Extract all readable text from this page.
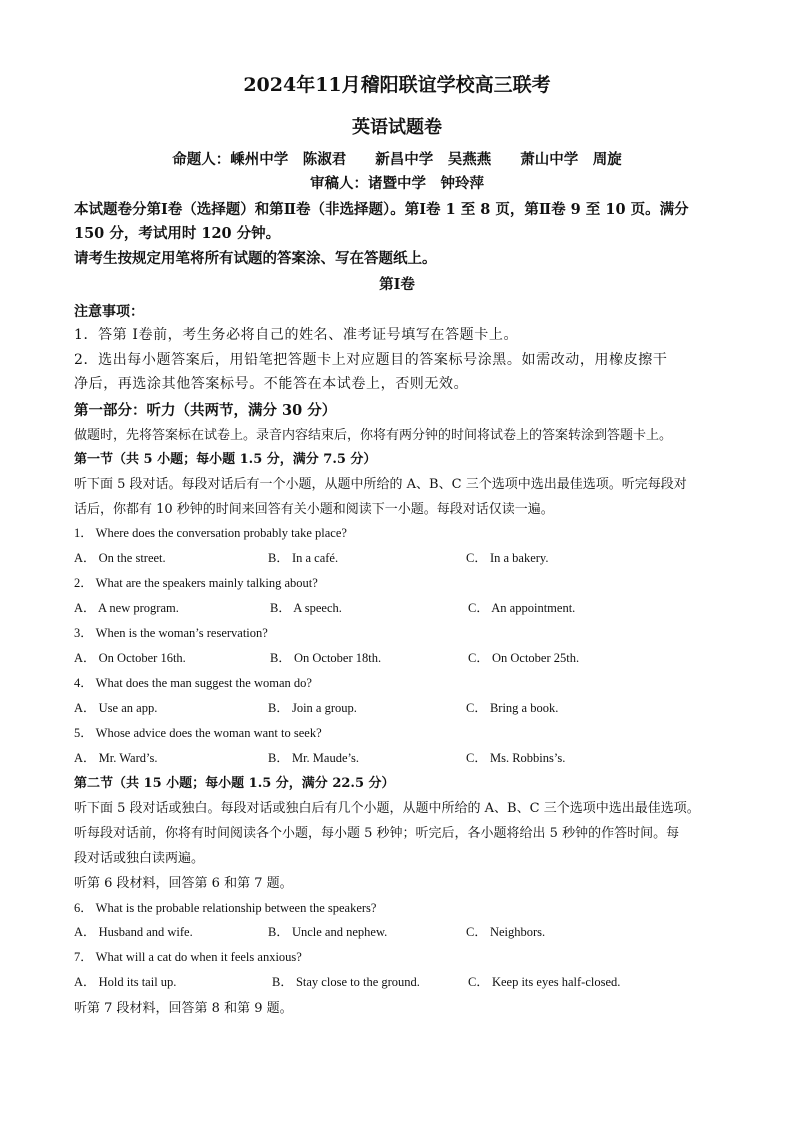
2024年11月稽阳联谊学校高三联考
英语试题卷
命题人：嵊州中学　陈淑君　　新昌中学　吴燕燕　　萧山中学　周旋
审稿人：诸暨中学　钟玲萍
本试题卷分第Ⅰ卷（选择题）和第Ⅱ卷（非选择题）。第Ⅰ卷 1 至 8 页，第Ⅱ卷 9 至 10 页。满分
150 分，考试用时 120 分钟。
请考生按规定用笔将所有试题的答案涂、写在答题纸上。
第Ⅰ卷
注意事项：
1．答第 Ⅰ卷前，考生务必将自己的姓名、准考证号填写在答题卡上。
2．选出每小题答案后，用铅笔把答题卡上对应题目的答案标号涂黑。如需改动，用橡皮擦干
净后，再选涂其他答案标号。不能答在本试卷上，否则无效。
第一部分：听力（共两节，满分 30 分）
做题时，先将答案标在试卷上。录音内容结束后，你将有两分钟的时间将试卷上的答案转涂到答题卡上。
第一节（共 5 小题；每小题 1.5 分，满分 7.5 分）
听下面 5 段对话。每段对话后有一个小题，从题中所给的 A、B、C 三个选项中选出最佳选项。听完每段对
话后，你都有 10 秒钟的时间来回答有关小题和阅读下一小题。每段对话仅读一遍。
1． Where does the conversation probably take place?
A． On the street.	B． In a café.	C． In a bakery.
2． What are the speakers mainly talking about?
A． A new program.	B． A speech.	C． An appointment.
3． When is the woman’s reservation?
A． On October 16th.	B． On October 18th.	C． On October 25th.
4． What does the man suggest the woman do?
A． Use an app.	B． Join a group.	C． Bring a book.
5． Whose advice does the woman want to seek?
A． Mr. Ward’s.	B． Mr. Maude’s.	C． Ms. Robbins’s.
第二节（共 15 小题；每小题 1.5 分，满分 22.5 分）
听下面 5 段对话或独白。每段对话或独白后有几个小题，从题中所给的 A、B、C 三个选项中选出最佳选项。
听每段对话前，你将有时间阅读各个小题，每小题 5 秒钟；听完后，各小题将给出 5 秒钟的作答时间。每
段对话或独白读两遍。
听第 6 段材料，回答第 6 和第 7 题。
6． What is the probable relationship between the speakers?
A． Husband and wife.	B． Uncle and nephew.	C． Neighbors.
7． What will a cat do when it feels anxious?
A． Hold its tail up.	B． Stay close to the ground.	C． Keep its eyes half-closed.
听第 7 段材料，回答第 8 和第 9 题。
